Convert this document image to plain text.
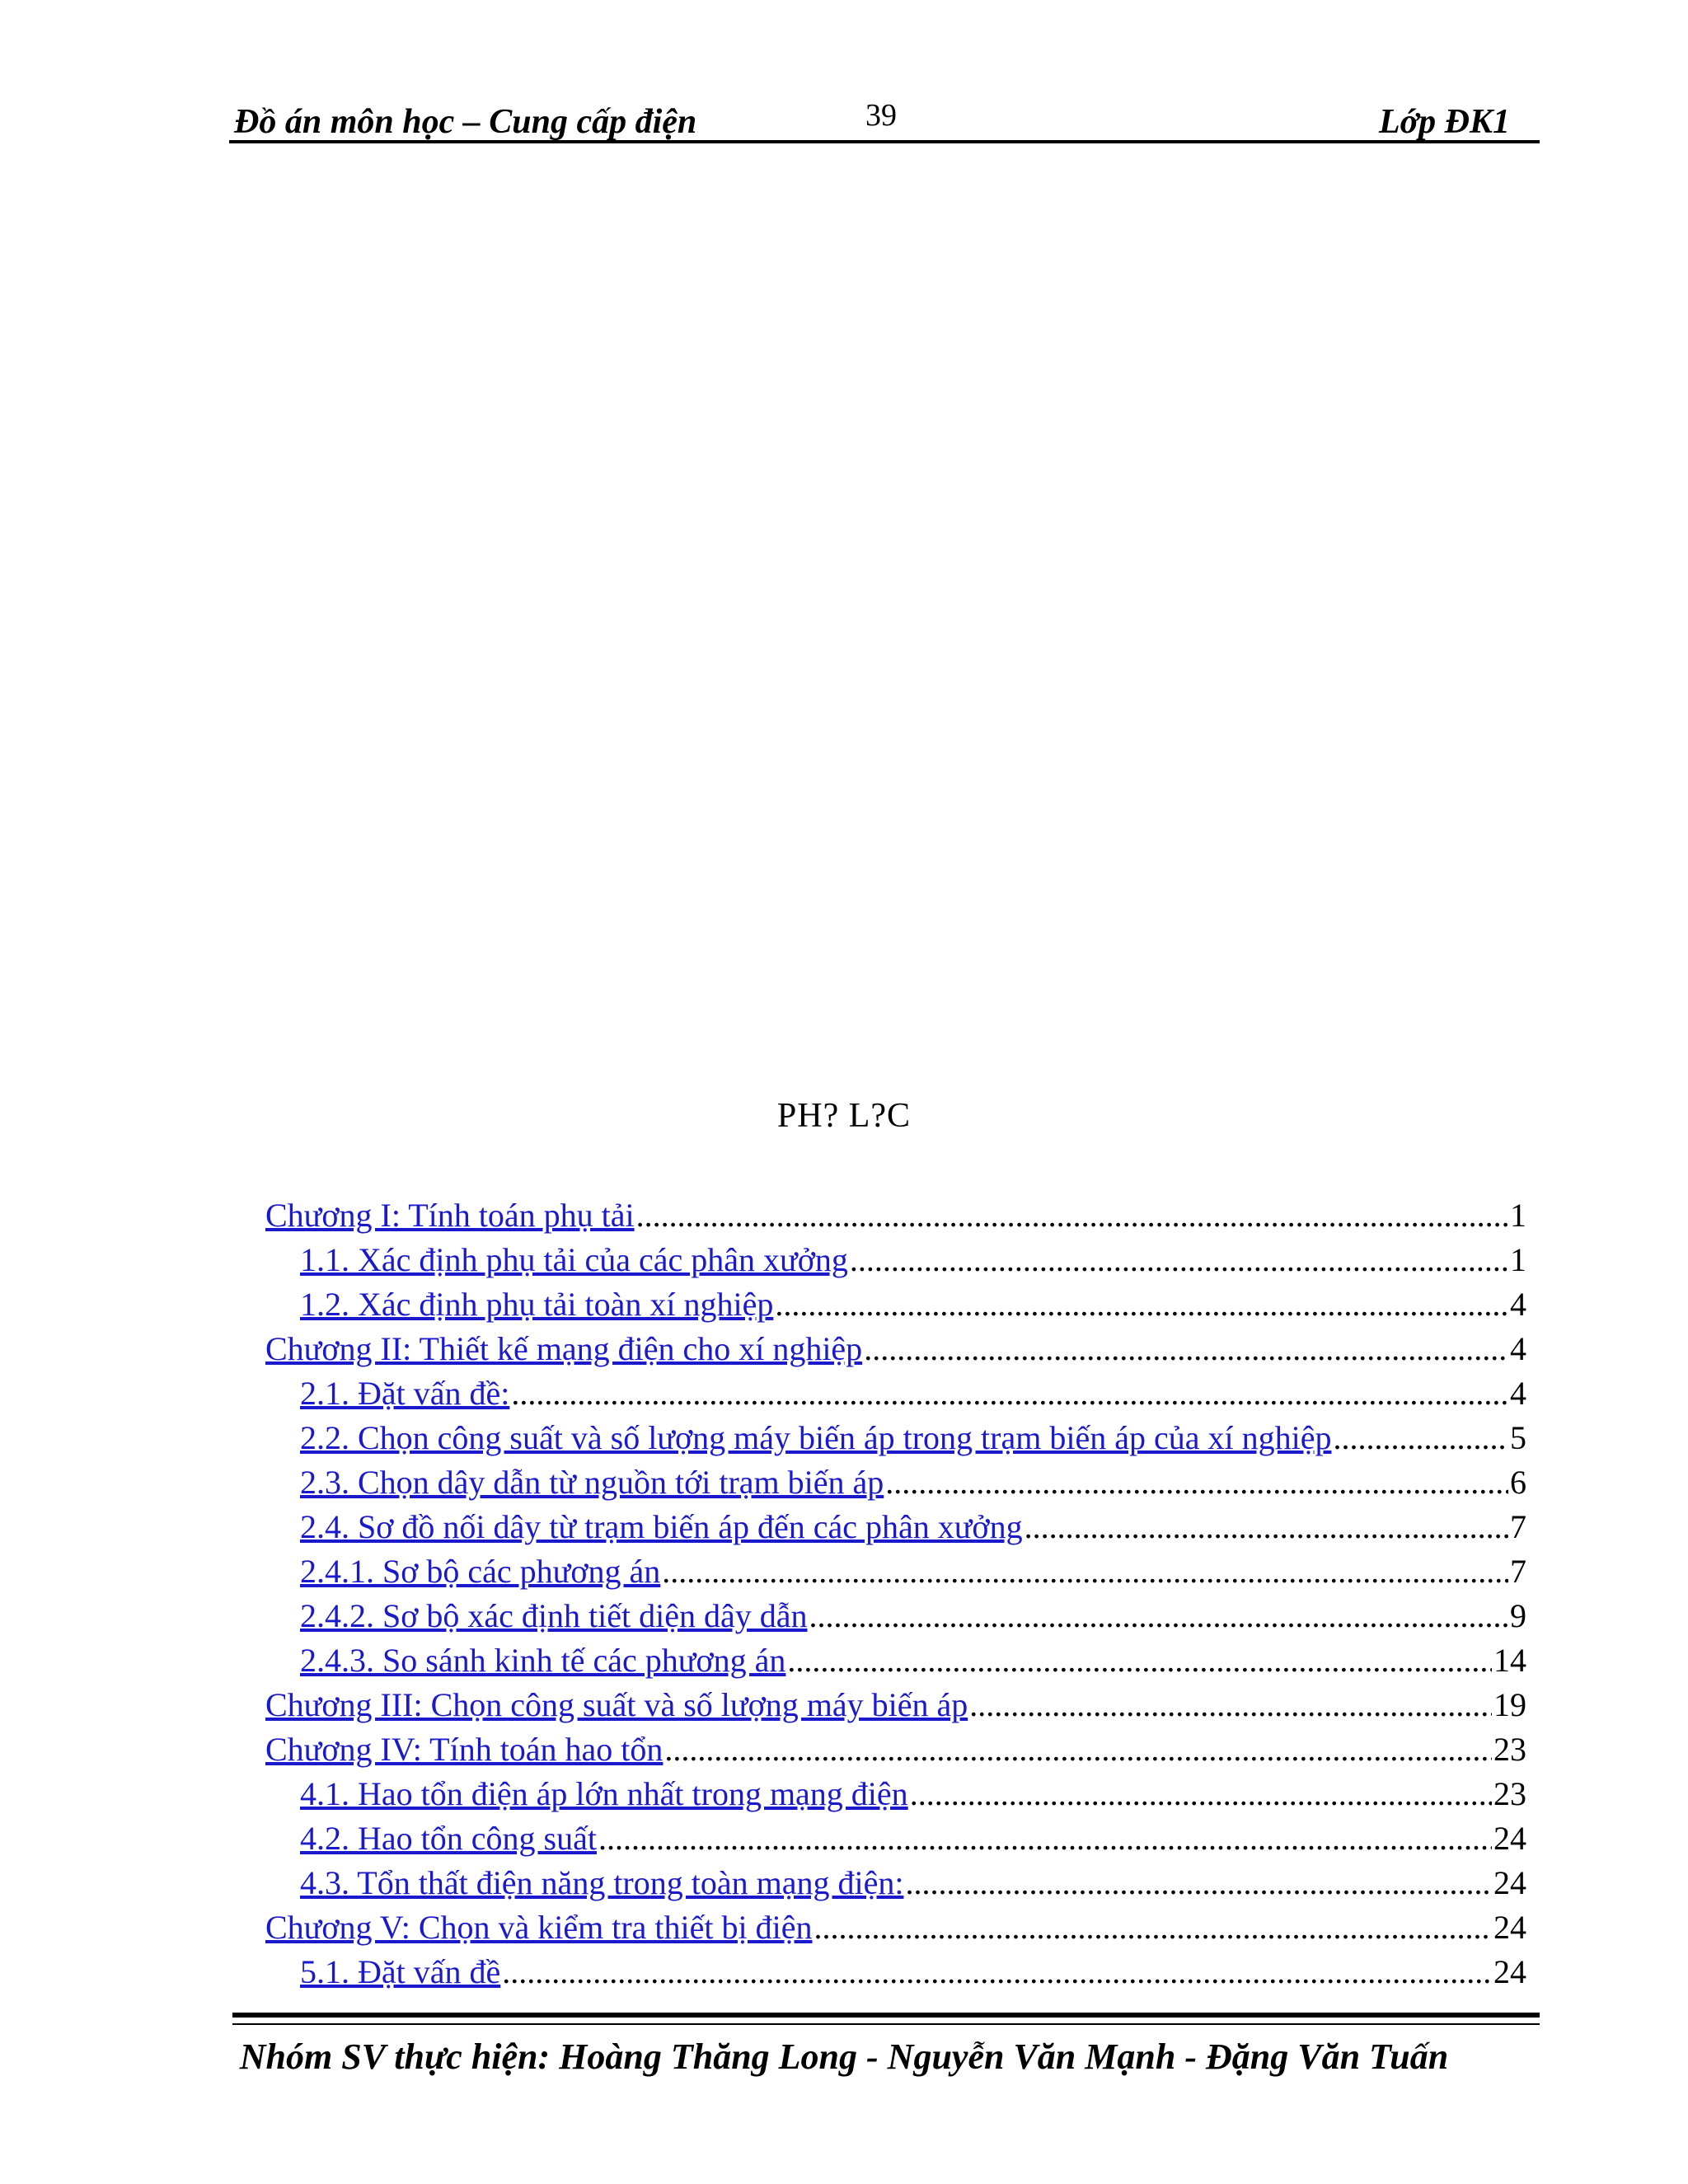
Đồ án môn học – Cung cấp điện	39	Lớp ĐK1
PH? L?C
Chương I: Tính toán phụ tải .....	1
1.1. Xác định phụ tải của các phân xưởng .....	1
1.2. Xác định phụ tải toàn xí nghiệp .....	4
Chương II: Thiết kế mạng điện cho xí nghiệp .....	4
2.1. Đặt vấn đề: .....	4
2.2. Chọn công suất và số lượng máy biến áp trong trạm biến áp của xí nghiệp .....	5
2.3. Chọn dây dẫn từ nguồn tới trạm biến áp .....	6
2.4. Sơ đồ nối dây từ trạm biến áp đến các phân xưởng .....	7
2.4.1. Sơ bộ các phương án .....	7
2.4.2. Sơ bộ xác định tiết diện dây dẫn .....	9
2.4.3. So sánh kinh tế các phương án .....	14
Chương III: Chọn công suất và số lượng máy biến áp .....	19
Chương IV: Tính toán hao tổn .....	23
4.1. Hao tổn điện áp lớn nhất trong mạng điện .....	23
4.2. Hao tổn công suất .....	24
4.3. Tổn thất điện năng trong toàn mạng điện: .....	24
Chương V: Chọn và kiểm tra thiết bị điện .....	24
5.1. Đặt vấn đề .....	24
Nhóm SV thực hiện: Hoàng Thăng Long - Nguyễn Văn Mạnh - Đặng Văn Tuấn
